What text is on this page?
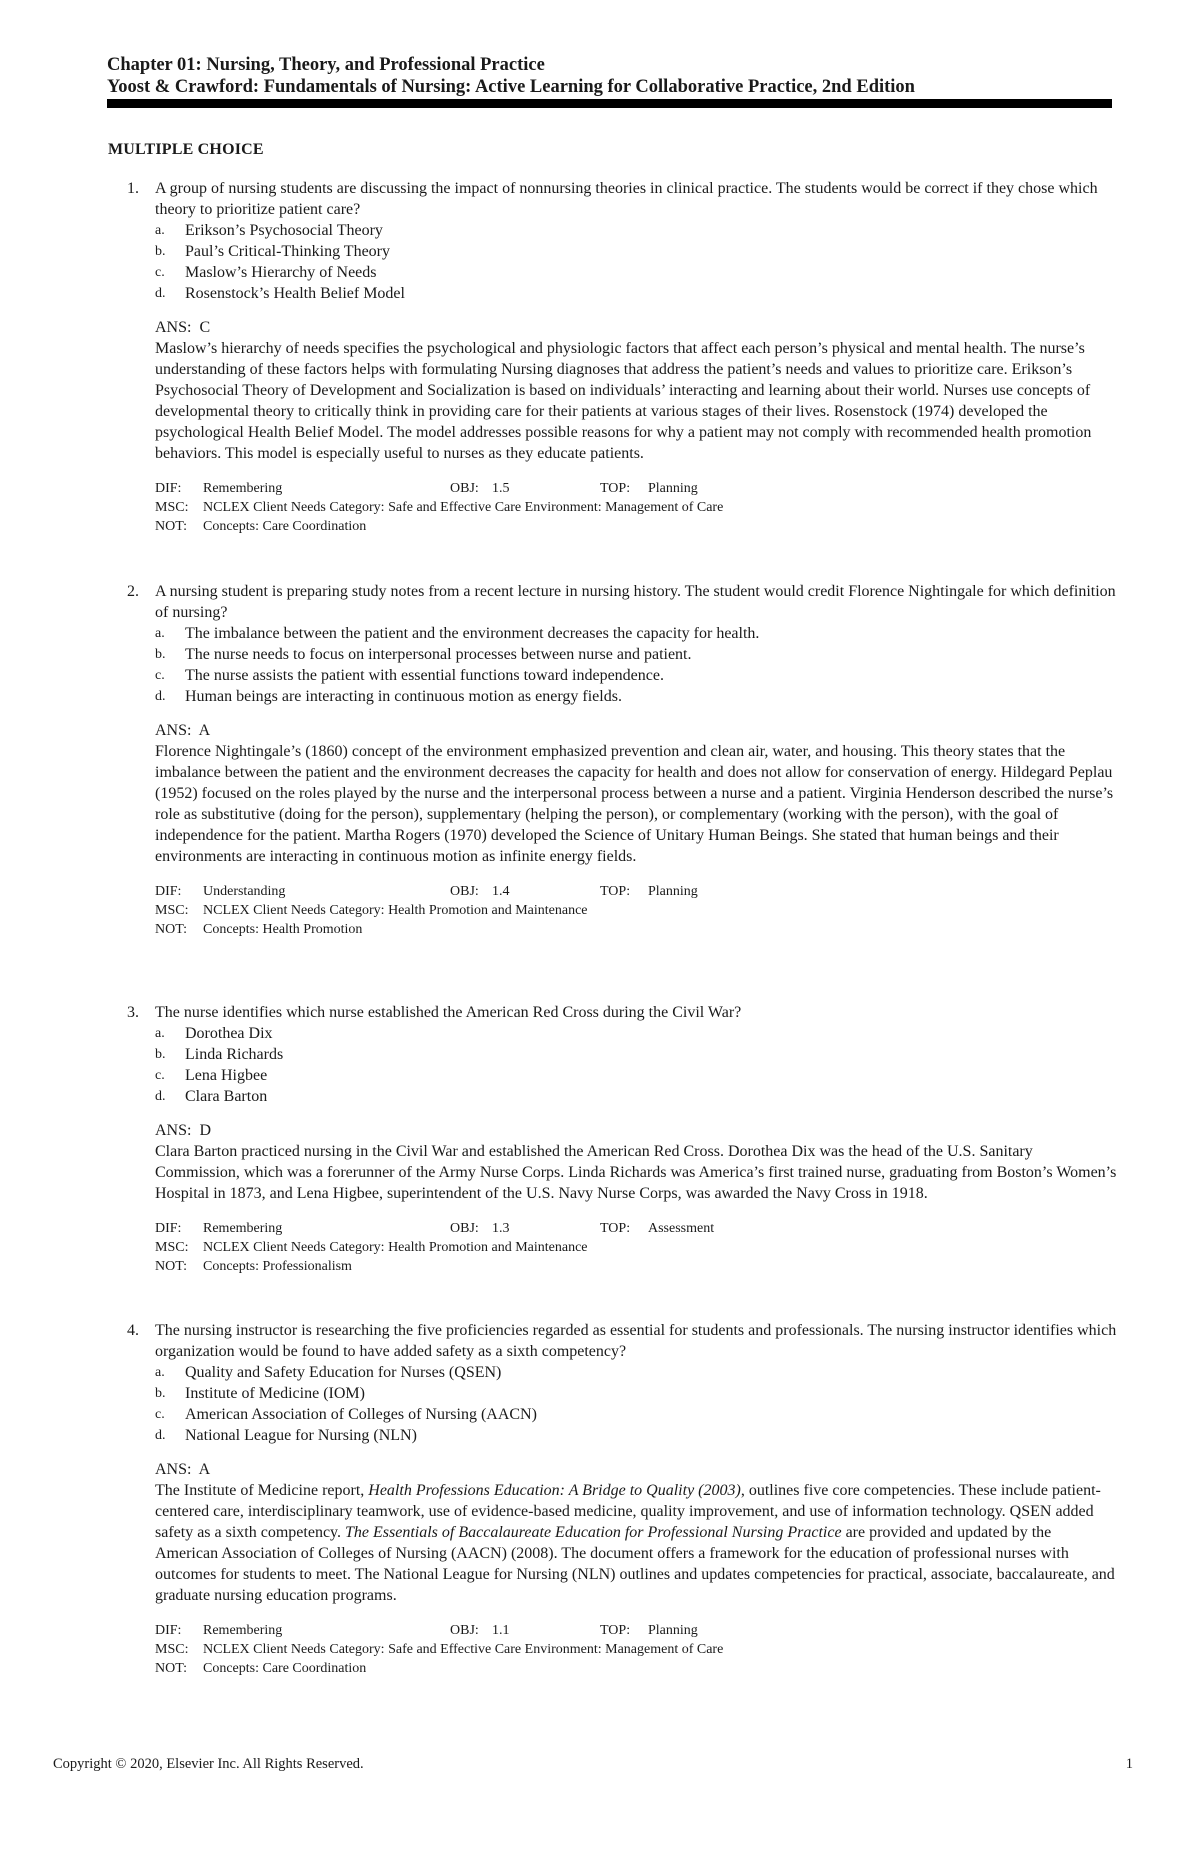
Chapter 01: Nursing, Theory, and Professional Practice
Yoost & Crawford: Fundamentals of Nursing: Active Learning for Collaborative Practice, 2nd Edition
MULTIPLE CHOICE
1. A group of nursing students are discussing the impact of nonnursing theories in clinical practice. The students would be correct if they chose which theory to prioritize patient care?
a. Erikson’s Psychosocial Theory
b. Paul’s Critical-Thinking Theory
c. Maslow’s Hierarchy of Needs
d. Rosenstock’s Health Belief Model
ANS: C
Maslow’s hierarchy of needs specifies the psychological and physiologic factors that affect each person’s physical and mental health. The nurse’s understanding of these factors helps with formulating Nursing diagnoses that address the patient’s needs and values to prioritize care. Erikson’s Psychosocial Theory of Development and Socialization is based on individuals’ interacting and learning about their world. Nurses use concepts of developmental theory to critically think in providing care for their patients at various stages of their lives. Rosenstock (1974) developed the psychological Health Belief Model. The model addresses possible reasons for why a patient may not comply with recommended health promotion behaviors. This model is especially useful to nurses as they educate patients.
DIF:	Remembering	OBJ: 1.5	TOP:	Planning
MSC:	NCLEX Client Needs Category: Safe and Effective Care Environment: Management of Care
NOT:	Concepts: Care Coordination
2. A nursing student is preparing study notes from a recent lecture in nursing history. The student would credit Florence Nightingale for which definition of nursing?
a. The imbalance between the patient and the environment decreases the capacity for health.
b. The nurse needs to focus on interpersonal processes between nurse and patient.
c. The nurse assists the patient with essential functions toward independence.
d. Human beings are interacting in continuous motion as energy fields.
ANS: A
Florence Nightingale’s (1860) concept of the environment emphasized prevention and clean air, water, and housing. This theory states that the imbalance between the patient and the environment decreases the capacity for health and does not allow for conservation of energy. Hildegard Peplau (1952) focused on the roles played by the nurse and the interpersonal process between a nurse and a patient. Virginia Henderson described the nurse’s role as substitutive (doing for the person), supplementary (helping the person), or complementary (working with the person), with the goal of independence for the patient. Martha Rogers (1970) developed the Science of Unitary Human Beings. She stated that human beings and their environments are interacting in continuous motion as infinite energy fields.
DIF:	Understanding	OBJ: 1.4	TOP:	Planning
MSC:	NCLEX Client Needs Category: Health Promotion and Maintenance
NOT:	Concepts: Health Promotion
3. The nurse identifies which nurse established the American Red Cross during the Civil War?
a. Dorothea Dix
b. Linda Richards
c. Lena Higbee
d. Clara Barton
ANS: D
Clara Barton practiced nursing in the Civil War and established the American Red Cross. Dorothea Dix was the head of the U.S. Sanitary Commission, which was a forerunner of the Army Nurse Corps. Linda Richards was America’s first trained nurse, graduating from Boston’s Women’s Hospital in 1873, and Lena Higbee, superintendent of the U.S. Navy Nurse Corps, was awarded the Navy Cross in 1918.
DIF:	Remembering	OBJ: 1.3	TOP:	Assessment
MSC:	NCLEX Client Needs Category: Health Promotion and Maintenance
NOT:	Concepts: Professionalism
4. The nursing instructor is researching the five proficiencies regarded as essential for students and professionals. The nursing instructor identifies which organization would be found to have added safety as a sixth competency?
a. Quality and Safety Education for Nurses (QSEN)
b. Institute of Medicine (IOM)
c. American Association of Colleges of Nursing (AACN)
d. National League for Nursing (NLN)
ANS: A
The Institute of Medicine report, Health Professions Education: A Bridge to Quality (2003), outlines five core competencies. These include patient-centered care, interdisciplinary teamwork, use of evidence-based medicine, quality improvement, and use of information technology. QSEN added safety as a sixth competency. The Essentials of Baccalaureate Education for Professional Nursing Practice are provided and updated by the American Association of Colleges of Nursing (AACN) (2008). The document offers a framework for the education of professional nurses with outcomes for students to meet. The National League for Nursing (NLN) outlines and updates competencies for practical, associate, baccalaureate, and graduate nursing education programs.
DIF:	Remembering	OBJ: 1.1	TOP:	Planning
MSC:	NCLEX Client Needs Category: Safe and Effective Care Environment: Management of Care
NOT:	Concepts: Care Coordination
Copyright © 2020, Elsevier Inc. All Rights Reserved.	1
